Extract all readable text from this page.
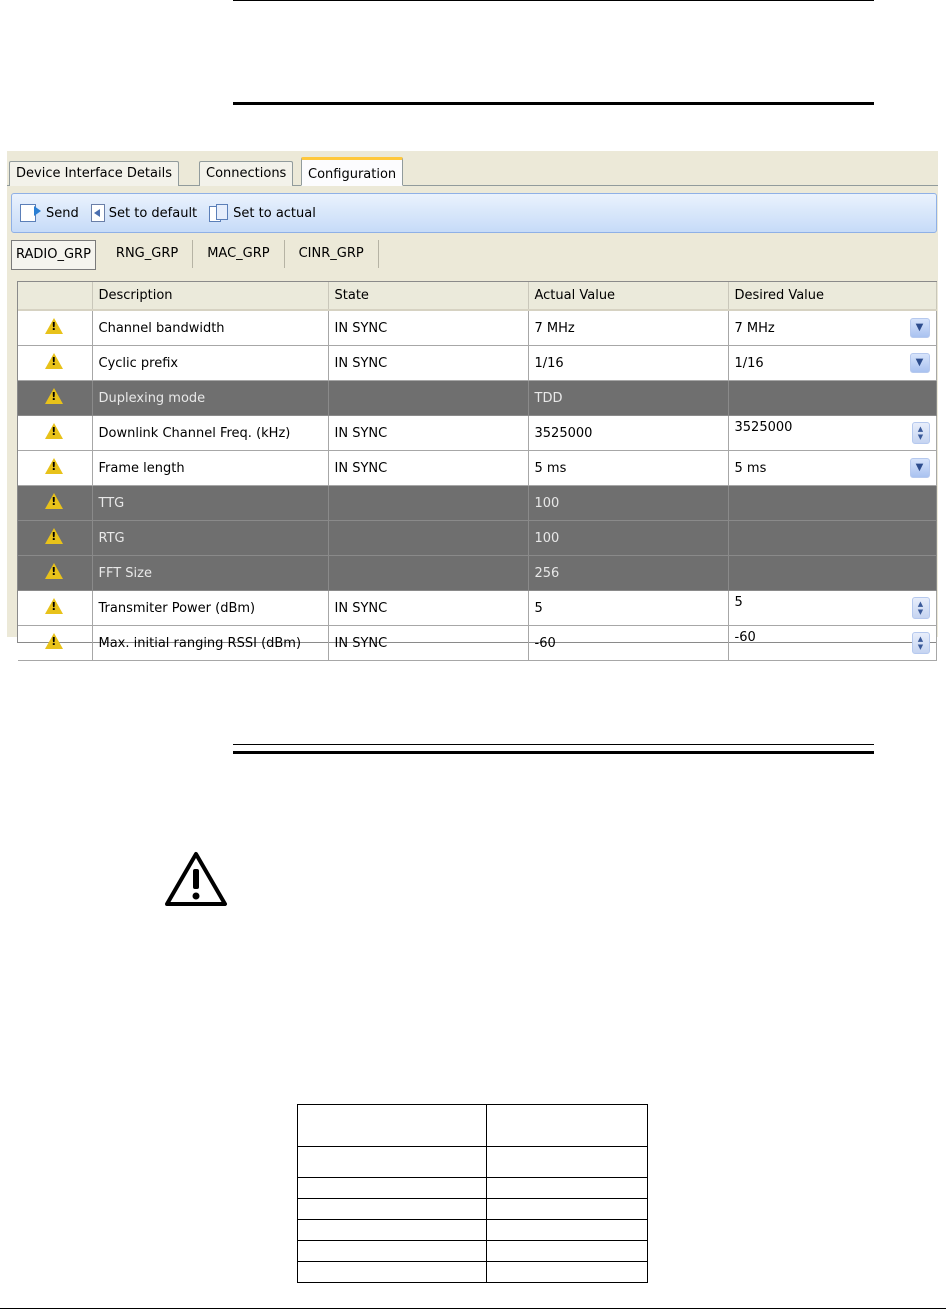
Device Interface Details	Connections	Configuration
Send Set to default	Set to actual
RADIO_GRP	RNG_GRP	MAC_GRP	CINR_GRP
	Description	State	Actual Value	Desired Value
!	Channel bandwidth	IN SYNC	7 MHz	7 MHz ▼

!	Cyclic prefix	IN SYNC	1/16	1/16 ▼

!	Duplexing mode		TDD	
!	Downlink Channel Freq. (kHz)	IN SYNC	3525000	3525000 ▲
▼

!	Frame length	IN SYNC	5 ms	5 ms ▼

!	TTG		100	
!	RTG		100	
!	FFT Size		256	
!	Transmiter Power (dBm)	IN SYNC	5	5 ▲
▼

!	Max. initial ranging RSSI (dBm)	IN SYNC	-60	-60 ▲
▼
